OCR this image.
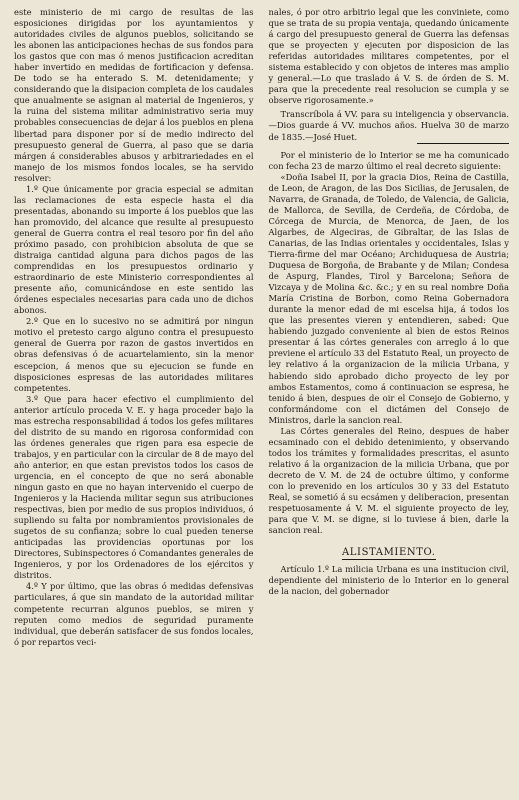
este ministerio de mi cargo de resultas de las esposiciones dirigidas por los ayuntamientos y autoridades civiles de algunos pueblos, solicitando se les abonen las anticipaciones hechas de sus fondos para los gastos que con mas ó menos justificacion acreditan haber invertido en medidas de fortificacion y defensa. De todo se ha enterado S. M. detenidamente; y considerando que la disipacion completa de los caudales que anualmente se asignan al material de Ingenieros, y la ruina del sistema militar administrativo seria muy probables consecuencias de dejar á los pueblos en plena libertad para disponer por sí de medio indirecto del presupuesto general de Guerra, al paso que se daria márgen á considerables abusos y arbitrariedades en el manejo de los mismos fondos locales, se ha servido resolver:

1.º Que únicamente por gracia especial se admitan las reclamaciones de esta especie hasta el dia presentadas, abonando su importe á los pueblos que las han promovido, del alcance que resulte al presupuesto general de Guerra contra el real tesoro por fin del año próximo pasado, con prohibicion absoluta de que se distraiga cantidad alguna para dichos pagos de las comprendidas en los presupuestos ordinario y estraordinario de este Ministerio correspondientes al presente año, comunicándose en este sentido las órdenes especiales necesarias para cada uno de dichos abonos.

2.º Que en lo sucesivo no se admitirá por ningun motivo el pretesto cargo alguno contra el presupuesto general de Guerra por razon de gastos invertidos en obras defensivas ó de acuartelamiento, sin la menor escepcion, á menos que su ejecucion se funde en disposiciones espresas de las autoridades militares competentes.

3.º Que para hacer efectivo el cumplimiento del anterior artículo proceda V. E. y haga proceder bajo la mas estrecha responsabilidad á todos los gefes militares del distrito de su mando en rigorosa conformidad con las órdenes generales que rigen para esa especie de trabajos, y en particular con la circular de 8 de mayo del año anterior, en que estan previstos todos los casos de urgencia, en el concepto de que no será abonable ningun gasto en que no hayan intervenido el cuerpo de Ingenieros y la Hacienda militar segun sus atribuciones respectivas, bien por medio de sus propios individuos, ó supliendo su falta por nombramientos provisionales de sugetos de su confianza; sobre lo cual pueden tenerse anticipadas las providencias oportunas por los Directores, Subinspectores ó Comandantes generales de Ingenieros, y por los Ordenadores de los ejércitos y distritos.

4.º Y por último, que las obras ó medidas defensivas particulares, á que sin mandato de la autoridad militar competente recurran algunos pueblos, se miren y reputen como medios de seguridad puramente individual, que deberán satisfacer de sus fondos locales, ó por repartos veci-

nales, ó por otro arbitrio legal que les conviniete, como que se trata de su propia ventaja, quedando únicamente á cargo del presupuesto general de Guerra las defensas que se proyecten y ejecuten por disposicion de las referidas autoridades militares competentes, por el sistema establecido y con objetos de interes mas amplio y general.—Lo que traslado á V. S. de órden de S. M. para que la precedente real resolucion se cumpla y se observe rigorosamente.»

Transcríbola á VV. para su inteligencia y observancia.—Dios guarde á VV. muchos años. Huelva 30 de marzo de 1835.—José Huet.

Por el ministerio de lo Interior se me ha comunicado con fecha 23 de marzo último el real decreto siguiente:

«Doña Isabel II, por la gracia Dios, Reina de Castilla, de Leon, de Aragon, de las Dos Sicilias, de Jerusalen, de Navarra, de Granada, de Toledo, de Valencia, de Galicia, de Mallorca, de Sevilla, de Cerdeña, de Córdoba, de Córcega de Murcia, de Menorca, de Jaen, de los Algarbes, de Algeciras, de Gibraltar, de las Islas de Canarias, de las Indias orientales y occidentales, Islas y Tierra-firme del mar Océano; Archiduquesa de Austria; Duquesa de Borgoña, de Brabante y de Milan; Condesa de Aspurg, Flandes, Tirol y Barcelona; Señora de Vizcaya y de Molina &c. &c.; y en su real nombre Doña María Cristina de Borbon, como Reina Gobernadora durante la menor edad de mi escelsa hija, á todos los que las presentes vieren y entendieren, sabed: Que habiendo juzgado conveniente al bien de estos Reinos presentar á las córtes generales con arreglo á lo que previene el artículo 33 del Estatuto Real, un proyecto de ley relativo á la organizacion de la milicia Urbana, y habiendo sido aprobado dicho proyecto de ley por ambos Estamentos, como á continuacion se espresa, he tenido á bien, despues de oir el Consejo de Gobierno, y conformándome con el dictámen del Consejo de Ministros, darle la sancion real.

Las Córtes generales del Reino, despues de haber ecsaminado con el debido detenimiento, y observando todos los trámites y formalidades prescritas, el asunto relativo á la organizacion de la milicia Urbana, que por decreto de V. M. de 24 de octubre último, y conforme con lo prevenido en los artículos 30 y 33 del Estatuto Real, se sometió á su ecsámen y deliberacion, presentan respetuosamente á V. M. el siguiente proyecto de ley, para que V. M. se digne, si lo tuviese á bien, darle la sancion real.

ALISTAMIENTO.

Artículo 1.º La milicia Urbana es una institucion civil, dependiente del ministerio de lo Interior en lo general de la nacion, del gobernador
